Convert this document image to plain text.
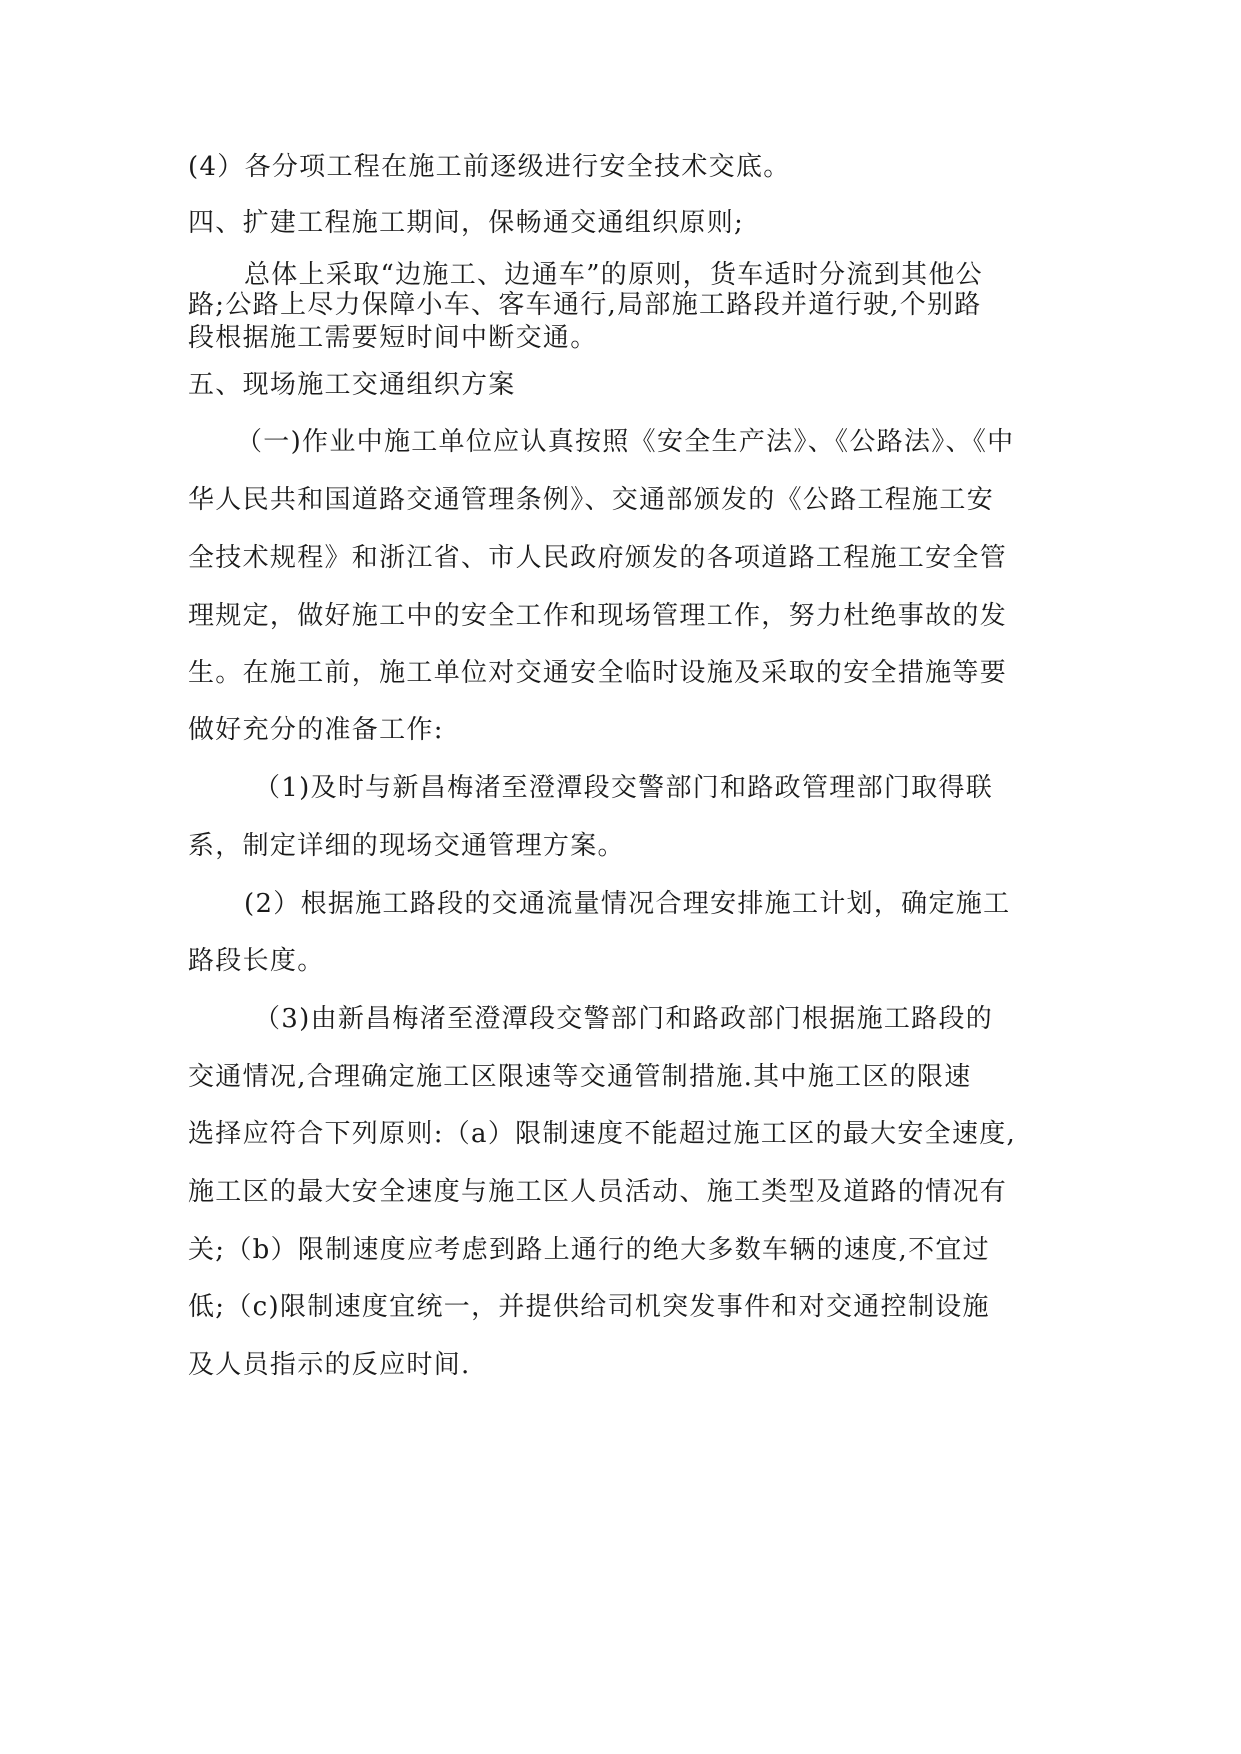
(4）各分项工程在施工前逐级进行安全技术交底。

四、扩建工程施工期间，保畅通交通组织原则;

总体上采取“边施工、边通车”的原则，货车适时分流到其他公

路;公路上尽力保障小车、客车通行,局部施工路段并道行驶,个别路

段根据施工需要短时间中断交通。

五、现场施工交通组织方案

（一)作业中施工单位应认真按照《安全生产法》、《公路法》、《中

华人民共和国道路交通管理条例》、交通部颁发的《公路工程施工安

全技术规程》和浙江省、市人民政府颁发的各项道路工程施工安全管

理规定，做好施工中的安全工作和现场管理工作，努力杜绝事故的发

生。在施工前，施工单位对交通安全临时设施及采取的安全措施等要

做好充分的准备工作:

（1)及时与新昌梅渚至澄潭段交警部门和路政管理部门取得联

系，制定详细的现场交通管理方案。

(2）根据施工路段的交通流量情况合理安排施工计划，确定施工

路段长度。

（3)由新昌梅渚至澄潭段交警部门和路政部门根据施工路段的

交通情况,合理确定施工区限速等交通管制措施.其中施工区的限速

选择应符合下列原则:（a）限制速度不能超过施工区的最大安全速度,

施工区的最大安全速度与施工区人员活动、施工类型及道路的情况有

关;（b）限制速度应考虑到路上通行的绝大多数车辆的速度,不宜过

低;（c)限制速度宜统一，并提供给司机突发事件和对交通控制设施

及人员指示的反应时间.
